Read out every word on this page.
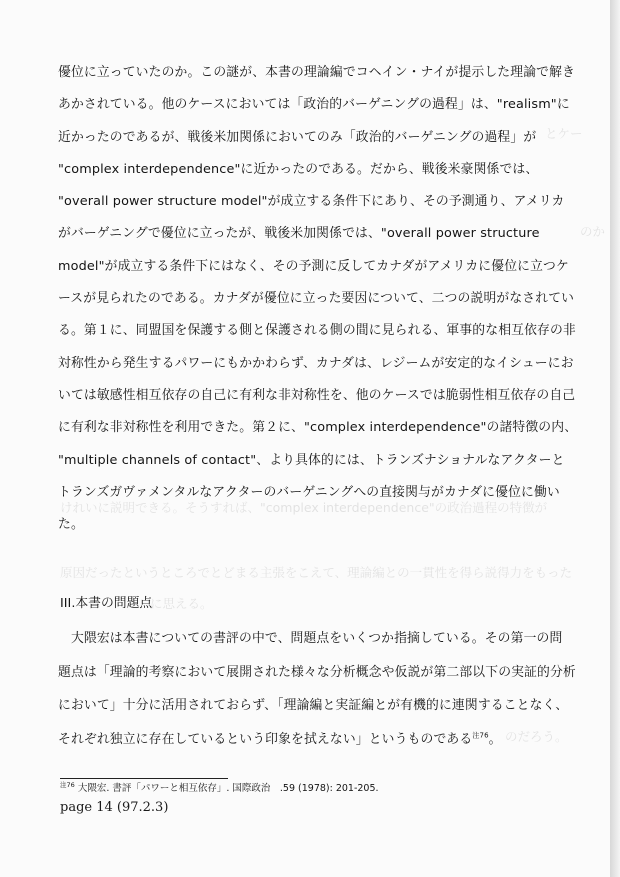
けれいに説明できる。そうすれば、"complex interdependence"の政治過程の特徴が
原因だったというところでとどまる主張をこえて、理論編との一貫性を得ら説得力をもった
に思える。
のだろう。
とケー
のか
優位に立っていたのか。この謎が、本書の理論編でコヘイン・ナイが提示した理論で解き
あかされている。他のケースにおいては「政治的バーゲニングの過程」は、"realism"に
近かったのであるが、戦後米加関係においてのみ「政治的バーゲニングの過程」が
"complex interdependence"に近かったのである。だから、戦後米豪関係では、
"overall power structure model"が成立する条件下にあり、その予測通り、アメリカ
がバーゲニングで優位に立ったが、戦後米加関係では、"overall power structure
model"が成立する条件下にはなく、その予測に反してカナダがアメリカに優位に立つケ
ースが見られたのである。カナダが優位に立った要因について、二つの説明がなされてい
る。第１に、同盟国を保護する側と保護される側の間に見られる、軍事的な相互依存の非
対称性から発生するパワーにもかかわらず、カナダは、レジームが安定的なイシューにお
いては敏感性相互依存の自己に有利な非対称性を、他のケースでは脆弱性相互依存の自己
に有利な非対称性を利用できた。第２に、"complex interdependence"の諸特徴の内、
"multiple channels of contact"、より具体的には、トランズナショナルなアクターと
トランズガヴァメンタルなアクターのバーゲニングへの直接関与がカナダに優位に働い
た。
III.本書の問題点
　大隈宏は本書についての書評の中で、問題点をいくつか指摘している。その第一の問
題点は「理論的考察において展開された様々な分析概念や仮説が第二部以下の実証的分析
において」十分に活用されておらず、「理論編と実証編とが有機的に連関することなく、
それぞれ独立に存在しているという印象を拭えない」というものである$^{注76}$。
$^{注76}$ 大隈宏. 書評「パワーと相互依存」. 国際政治　.59 (1978): 201-205.
page 14 (97.2.3)
